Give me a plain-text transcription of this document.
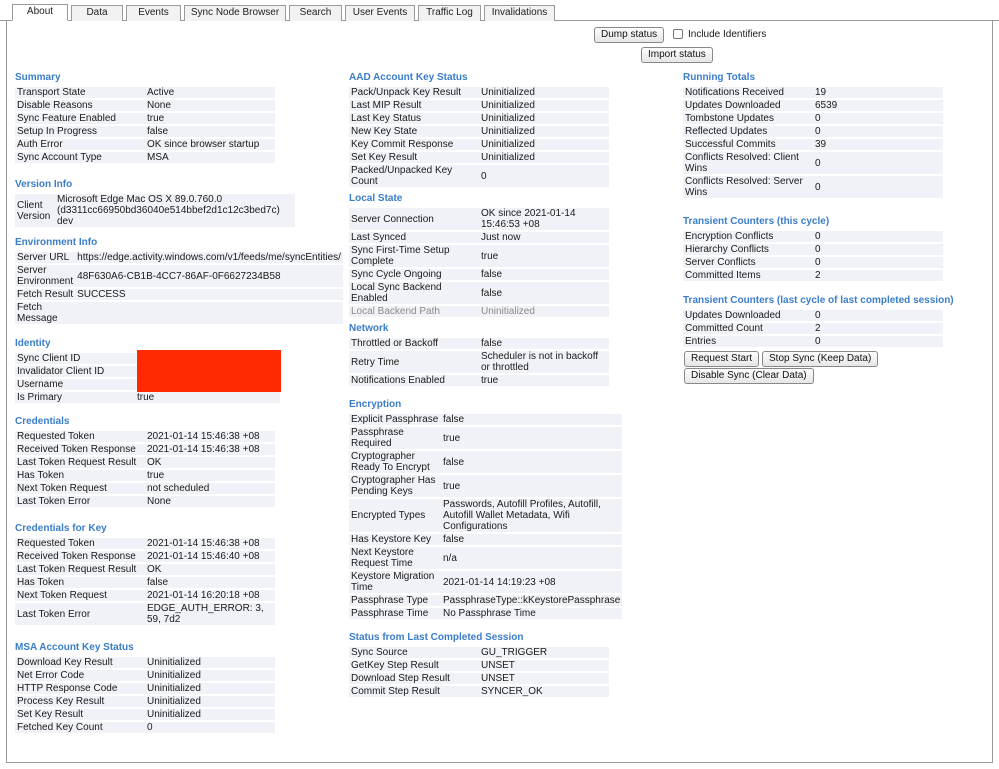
About	Data	Events	Sync Node Browser	Search	User Events	Traffic Log	Invalidations
Dump status	Include Identifiers
Import status
Summary
Transport State	Active
Disable Reasons	None
Sync Feature Enabled	true
Setup In Progress	false
Auth Error	OK since browser startup
Sync Account Type	MSA
Version Info
Client Version	Microsoft Edge Mac OS X 89.0.760.0 (d3311cc66950bd36040e514bbef2d1c12c3bed7c) dev
Environment Info
Server URL	https://edge.activity.windows.com/v1/feeds/me/syncEntities/
Server Environment	48F630A6-CB1B-4CC7-86AF-0F6627234B58
Fetch Result	SUCCESS
Fetch Message	
Identity
Sync Client ID	
Invalidator Client ID	
Username	
Is Primary	true
Credentials
Requested Token	2021-01-14 15:46:38 +08
Received Token Response	2021-01-14 15:46:38 +08
Last Token Request Result	OK
Has Token	true
Next Token Request	not scheduled
Last Token Error	None
Credentials for Key
Requested Token	2021-01-14 15:46:38 +08
Received Token Response	2021-01-14 15:46:40 +08
Last Token Request Result	OK
Has Token	false
Next Token Request	2021-01-14 16:20:18 +08
Last Token Error	EDGE_AUTH_ERROR: 3, 59, 7d2
MSA Account Key Status
Download Key Result	Uninitialized
Net Error Code	Uninitialized
HTTP Response Code	Uninitialized
Process Key Result	Uninitialized
Set Key Result	Uninitialized
Fetched Key Count	0
AAD Account Key Status
Pack/Unpack Key Result	Uninitialized
Last MIP Result	Uninitialized
Last Key Status	Uninitialized
New Key State	Uninitialized
Key Commit Response	Uninitialized
Set Key Result	Uninitialized
Packed/Unpacked Key Count	0
Local State
Server Connection	OK since 2021-01-14 15:46:53 +08
Last Synced	Just now
Sync First-Time Setup Complete	true
Sync Cycle Ongoing	false
Local Sync Backend Enabled	false
Local Backend Path	Uninitialized
Network
Throttled or Backoff	false
Retry Time	Scheduler is not in backoff or throttled
Notifications Enabled	true
Encryption
Explicit Passphrase	false
Passphrase Required	true
Cryptographer Ready To Encrypt	false
Cryptographer Has Pending Keys	true
Encrypted Types	Passwords, Autofill Profiles, Autofill, Autofill Wallet Metadata, Wifi Configurations
Has Keystore Key	false
Next Keystore Request Time	n/a
Keystore Migration Time	2021-01-14 14:19:23 +08
Passphrase Type	PassphraseType::kKeystorePassphrase
Passphrase Time	No Passphrase Time
Status from Last Completed Session
Sync Source	GU_TRIGGER
GetKey Step Result	UNSET
Download Step Result	UNSET
Commit Step Result	SYNCER_OK
Running Totals
Notifications Received	19
Updates Downloaded	6539
Tombstone Updates	0
Reflected Updates	0
Successful Commits	39
Conflicts Resolved: Client Wins	0
Conflicts Resolved: Server Wins	0
Transient Counters (this cycle)
Encryption Conflicts	0
Hierarchy Conflicts	0
Server Conflicts	0
Committed Items	2
Transient Counters (last cycle of last completed session)
Updates Downloaded	0
Committed Count	2
Entries	0
Request Start	Stop Sync (Keep Data)
Disable Sync (Clear Data)
